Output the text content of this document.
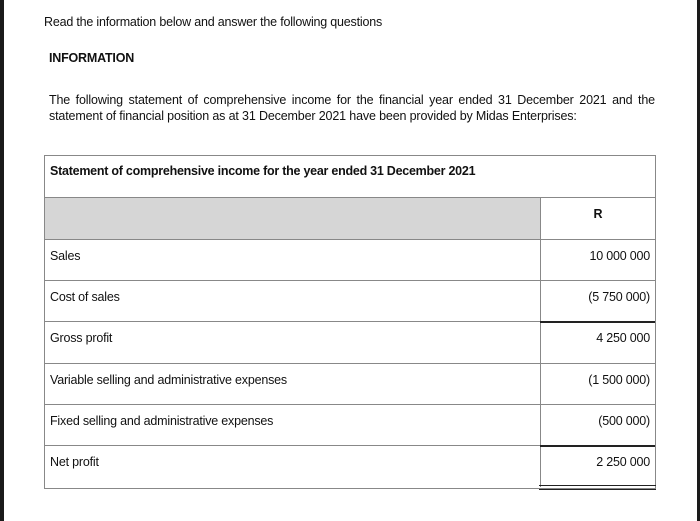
Read the information below and answer the following questions
INFORMATION
The following statement of comprehensive income for the financial year ended 31 December 2021 and the statement of financial position as at 31 December 2021 have been provided by Midas Enterprises:
Statement of comprehensive income for the year ended 31 December 2021
R
Sales	10 000 000
Cost of sales	(5 750 000)
Gross profit	4 250 000
Variable selling and administrative expenses	(1 500 000)
Fixed selling and administrative expenses	(500 000)
Net profit	2 250 000
